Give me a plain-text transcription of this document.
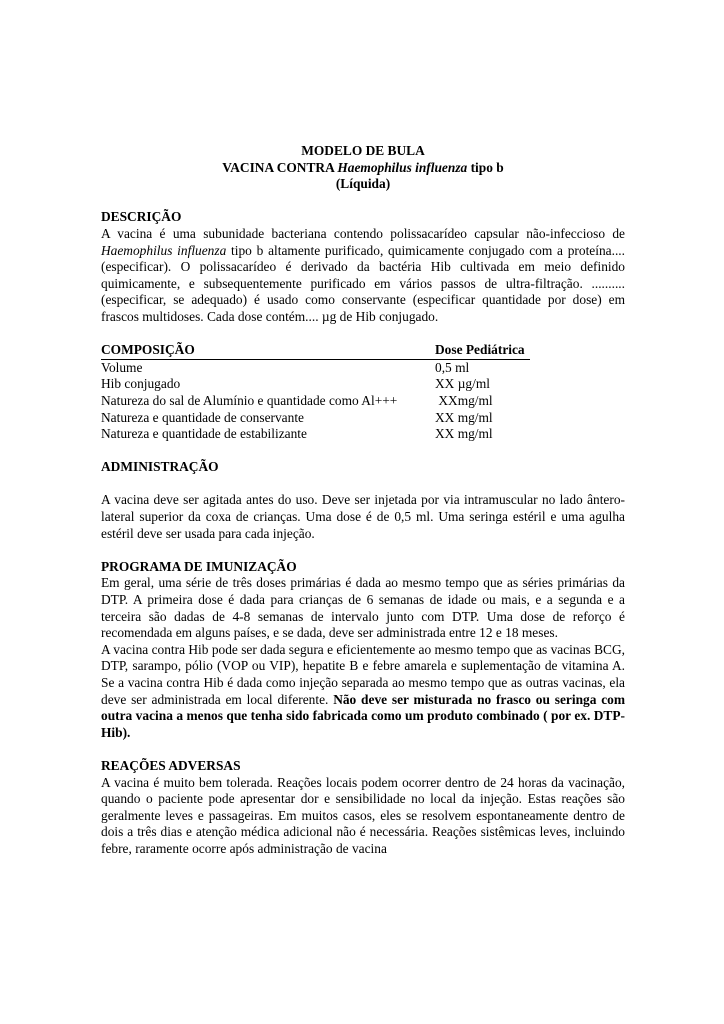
MODELO DE BULA
VACINA CONTRA Haemophilus influenza tipo b
(Líquida)
DESCRIÇÃO
A vacina é uma subunidade bacteriana contendo polissacarídeo capsular não-infeccioso de Haemophilus influenza tipo b altamente purificado, quimicamente conjugado com a proteína....(especificar). O polissacarídeo é derivado da bactéria Hib cultivada em meio definido quimicamente, e subsequentemente purificado em vários passos de ultra-filtração. ..........(especificar, se adequado) é usado como conservante (especificar quantidade por dose) em frascos multidoses. Cada dose contém.... µg de Hib conjugado.
COMPOSIÇÃO	Dose Pediátrica
Volume	0,5 ml
Hib conjugado	XX µg/ml
Natureza do sal de Alumínio e quantidade como Al+++	XXmg/ml
Natureza e quantidade de conservante	XX mg/ml
Natureza e quantidade de estabilizante	XX mg/ml
ADMINISTRAÇÃO
A vacina deve ser agitada antes do uso. Deve ser injetada por via intramuscular no lado ântero-lateral superior da coxa de crianças. Uma dose é de 0,5 ml. Uma seringa estéril e uma agulha estéril deve ser usada para cada injeção.
PROGRAMA DE IMUNIZAÇÃO
Em geral, uma série de três doses primárias é dada ao mesmo tempo que as séries primárias da DTP. A primeira dose é dada para crianças de 6 semanas de idade ou mais, e a segunda e a terceira são dadas de 4-8 semanas de intervalo junto com DTP. Uma dose de reforço é recomendada em alguns países, e se dada, deve ser administrada entre 12 e 18 meses.
A vacina contra Hib pode ser dada segura e eficientemente ao mesmo tempo que as vacinas BCG, DTP, sarampo, pólio (VOP ou VIP), hepatite B e febre amarela e suplementação de vitamina A. Se a vacina contra Hib é dada como injeção separada ao mesmo tempo que as outras vacinas, ela deve ser administrada em local diferente. Não deve ser misturada no frasco ou seringa com outra vacina a menos que tenha sido fabricada como um produto combinado ( por ex. DTP-Hib).
REAÇÕES ADVERSAS
A vacina é muito bem tolerada. Reações locais podem ocorrer dentro de 24 horas da vacinação, quando o paciente pode apresentar dor e sensibilidade no local da injeção. Estas reações são geralmente leves e passageiras. Em muitos casos, eles se resolvem espontaneamente dentro de dois a três dias e atenção médica adicional não é necessária. Reações sistêmicas leves, incluindo febre, raramente ocorre após administração de vacina
